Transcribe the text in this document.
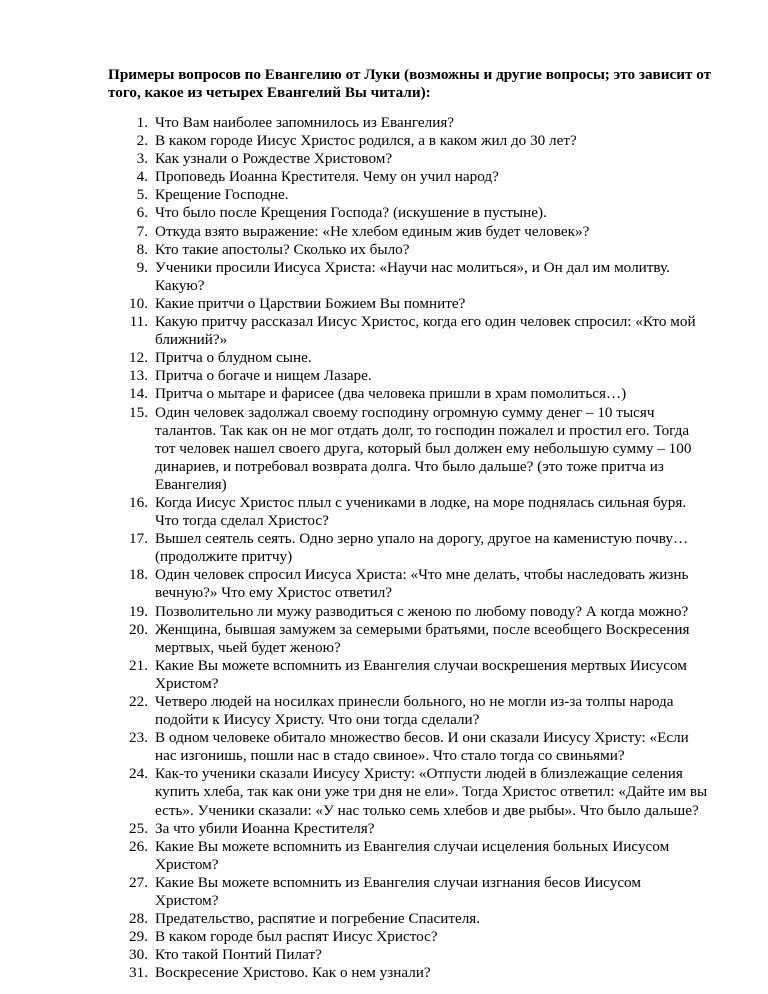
Примеры вопросов по Евангелию от Луки (возможны и другие вопросы; это зависит от того, какое из четырех Евангелий Вы читали):
1. Что Вам наиболее запомнилось из Евангелия?
2. В каком городе Иисус Христос родился, а в каком жил до 30 лет?
3. Как узнали о Рождестве Христовом?
4. Проповедь Иоанна Крестителя. Чему он учил народ?
5. Крещение Господне.
6. Что было после Крещения Господа? (искушение в пустыне).
7. Откуда взято выражение: «Не хлебом единым жив будет человек»?
8. Кто такие апостолы? Сколько их было?
9. Ученики просили Иисуса Христа: «Научи нас молиться», и Он дал им молитву. Какую?
10. Какие притчи о Царствии Божием Вы помните?
11. Какую притчу рассказал Иисус Христос, когда его один человек спросил: «Кто мой ближний?»
12. Притча о блудном сыне.
13. Притча о богаче и нищем Лазаре.
14. Притча о мытаре и фарисее (два человека пришли в храм помолиться…)
15. Один человек задолжал своему господину огромную сумму денег – 10 тысяч талантов. Так как он не мог отдать долг, то господин пожалел и простил его. Тогда тот человек нашел своего друга, который был должен ему небольшую сумму – 100 динариев, и потребовал возврата долга. Что было дальше? (это тоже притча из Евангелия)
16. Когда Иисус Христос плыл с учениками в лодке, на море поднялась сильная буря. Что тогда сделал Христос?
17. Вышел сеятель сеять. Одно зерно упало на дорогу, другое на каменистую почву… (продолжите притчу)
18. Один человек спросил Иисуса Христа: «Что мне делать, чтобы наследовать жизнь вечную?» Что ему Христос ответил?
19. Позволительно ли мужу разводиться с женою по любому поводу? А когда можно?
20. Женщина, бывшая замужем за семерыми братьями, после всеобщего Воскресения мертвых, чьей будет женою?
21. Какие Вы можете вспомнить из Евангелия случаи воскрешения мертвых Иисусом Христом?
22. Четверо людей на носилках принесли больного, но не могли из-за толпы народа подойти к Иисусу Христу. Что они тогда сделали?
23. В одном человеке обитало множество бесов. И они сказали Иисусу Христу: «Если нас изгонишь, пошли нас в стадо свиное». Что стало тогда со свиньями?
24. Как-то ученики сказали Иисусу Христу: «Отпусти людей в близлежащие селения купить хлеба, так как они уже три дня не ели». Тогда Христос ответил: «Дайте им вы есть». Ученики сказали: «У нас только семь хлебов и две рыбы». Что было дальше?
25. За что убили Иоанна Крестителя?
26. Какие Вы можете вспомнить из Евангелия случаи исцеления больных Иисусом Христом?
27. Какие Вы можете вспомнить из Евангелия случаи изгнания бесов Иисусом Христом?
28. Предательство, распятие и погребение Спасителя.
29. В каком городе был распят Иисус Христос?
30. Кто такой Понтий Пилат?
31. Воскресение Христово. Как о нем узнали?
